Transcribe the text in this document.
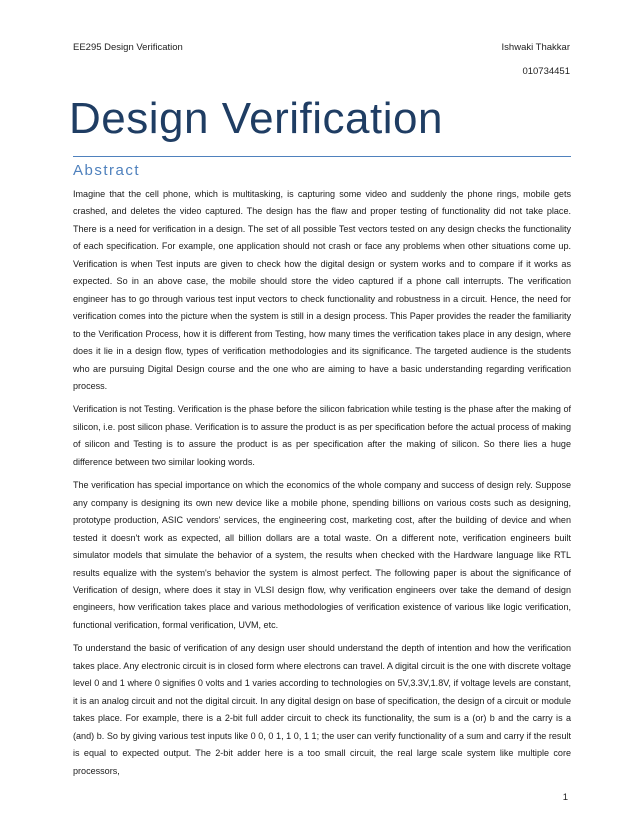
EE295 Design Verification	Ishwaki Thakkar
010734451
Design Verification
Abstract

Imagine that the cell phone, which is multitasking, is capturing some video and suddenly the phone rings, mobile gets crashed, and deletes the video captured. The design has the flaw and proper testing of functionality did not take place. There is a need for verification in a design. The set of all possible Test vectors tested on any design checks the functionality of each specification. For example, one application should not crash or face any problems when other situations come up. Verification is when Test inputs are given to check how the digital design or system works and to compare if it works as expected. So in an above case, the mobile should store the video captured if a phone call interrupts. The verification engineer has to go through various test input vectors to check functionality and robustness in a circuit. Hence, the need for verification comes into the picture when the system is still in a design process. This Paper provides the reader the familiarity to the Verification Process, how it is different from Testing, how many times the verification takes place in any design, where does it lie in a design flow, types of verification methodologies and its significance. The targeted audience is the students who are pursuing Digital Design course and the one who are aiming to have a basic understanding regarding verification process.

Verification is not Testing. Verification is the phase before the silicon fabrication while testing is the phase after the making of silicon, i.e. post silicon phase. Verification is to assure the product is as per specification before the actual process of making of silicon and Testing is to assure the product is as per specification after the making of silicon. So there lies a huge difference between two similar looking words.

The verification has special importance on which the economics of the whole company and success of design rely. Suppose any company is designing its own new device like a mobile phone, spending billions on various costs such as designing, prototype production, ASIC vendors' services, the engineering cost, marketing cost, after the building of device and when tested it doesn't work as expected, all billion dollars are a total waste. On a different note, verification engineers built simulator models that simulate the behavior of a system, the results when checked with the Hardware language like RTL results equalize with the system's behavior the system is almost perfect. The following paper is about the significance of Verification of design, where does it stay in VLSI design flow, why verification engineers over take the demand of design engineers, how verification takes place and various methodologies of verification existence of various like logic verification, functional verification, formal verification, UVM, etc.

To understand the basic of verification of any design user should understand the depth of intention and how the verification takes place. Any electronic circuit is in closed form where electrons can travel. A digital circuit is the one with discrete voltage level 0 and 1 where 0 signifies 0 volts and 1 varies according to technologies on 5V,3.3V,1.8V, if voltage levels are constant, it is an analog circuit and not the digital circuit. In any digital design on base of specification, the design of a circuit or module takes place. For example, there is a 2-bit full adder circuit to check its functionality, the sum is a (or) b and the carry is a (and) b. So by giving various test inputs like 0 0, 0 1, 1 0, 1 1; the user can verify functionality of a sum and carry if the result is equal to expected output. The 2-bit adder here is a too small circuit, the real large scale system like multiple core processors,

1
